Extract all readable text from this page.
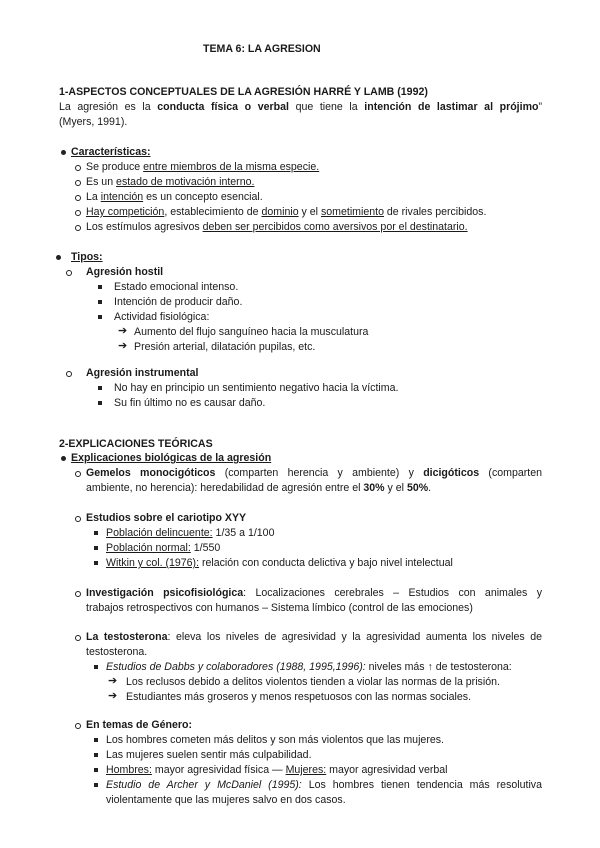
TEMA 6: LA AGRESION
1-ASPECTOS CONCEPTUALES DE LA AGRESIÓN HARRÉ Y LAMB (1992)
La agresión es la conducta física o verbal que tiene la intención de lastimar al prójimo”
(Myers, 1991).
Características:
Se produce entre miembros de la misma especie.
Es un estado de motivación interno.
La intención es un concepto esencial.
Hay competición, establecimiento de dominio y el sometimiento de rivales percibidos.
Los estímulos agresivos deben ser percibidos como aversivos por el destinatario.
Tipos:
Agresión hostil
Estado emocional intenso.
Intención de producir daño.
Actividad fisiológica:
➔ Aumento del flujo sanguíneo hacia la musculatura
➔ Presión arterial, dilatación pupilas, etc.
Agresión instrumental
No hay en principio un sentimiento negativo hacia la víctima.
Su fin último no es causar daño.
2-EXPLICACIONES TEÓRICAS
Explicaciones biológicas de la agresión
Gemelos monocigóticos (comparten herencia y ambiente) y dicigóticos (comparten
ambiente, no herencia): heredabilidad de agresión entre el 30% y el 50%.
Estudios sobre el cariotipo XYY
Población delincuente: 1/35 a 1/100
Población normal: 1/550
Witkin y col. (1976): relación con conducta delictiva y bajo nivel intelectual
Investigación psicofisiológica: Localizaciones cerebrales – Estudios con animales y
trabajos retrospectivos con humanos – Sistema límbico (control de las emociones)
La testosterona: eleva los niveles de agresividad y la agresividad aumenta los niveles de
testosterona.
Estudios de Dabbs y colaboradores (1988, 1995,1996): niveles más ↑ de testosterona:
➔ Los reclusos debido a delitos violentos tienden a violar las normas de la prisión.
➔ Estudiantes más groseros y menos respetuosos con las normas sociales.
En temas de Género:
Los hombres cometen más delitos y son más violentos que las mujeres.
Las mujeres suelen sentir más culpabilidad.
Hombres: mayor agresividad física — Mujeres: mayor agresividad verbal
Estudio de Archer y McDaniel (1995): Los hombres tienen tendencia más resolutiva
violentamente que las mujeres salvo en dos casos.
